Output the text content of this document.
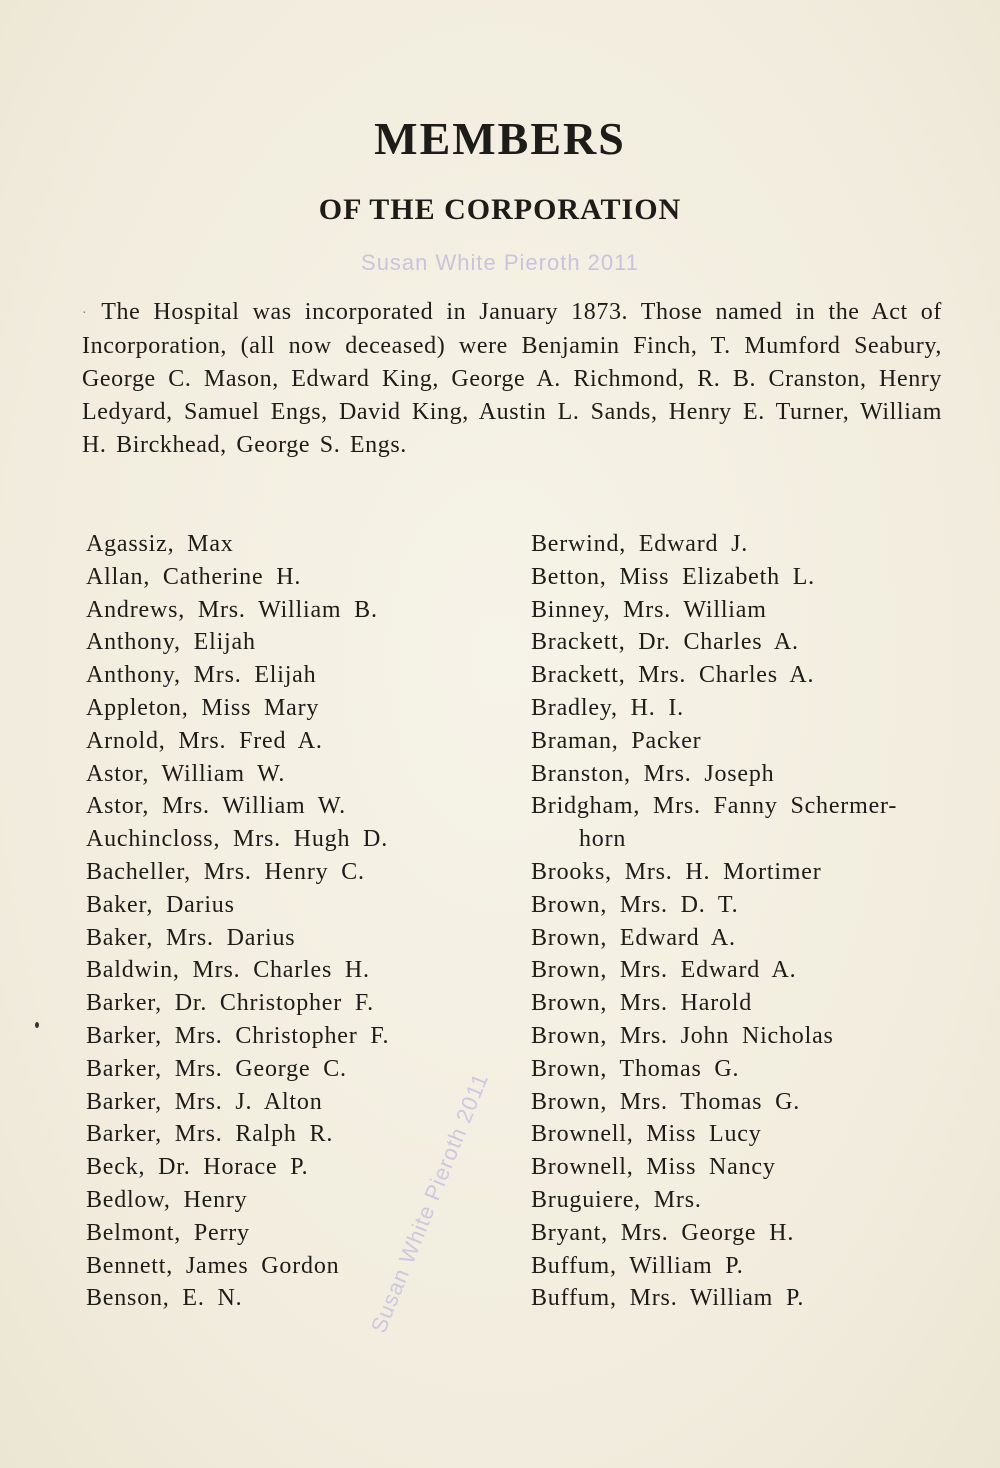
MEMBERS
OF THE CORPORATION
Susan White Pieroth 2011

· The Hospital was incorporated in January 1873. Those named in the Act of Incorporation, (all now deceased) were Benjamin Finch, T. Mumford Seabury, George C. Mason, Edward King, George A. Richmond, R. B. Cranston, Henry Ledyard, Samuel Engs, David King, Austin L. Sands, Henry E. Turner, William H. Birckhead, George S. Engs.

Agassiz, Max
Allan, Catherine H.
Andrews, Mrs. William B.
Anthony, Elijah
Anthony, Mrs. Elijah
Appleton, Miss Mary
Arnold, Mrs. Fred A.
Astor, William W.
Astor, Mrs. William W.
Auchincloss, Mrs. Hugh D.
Bacheller, Mrs. Henry C.
Baker, Darius
Baker, Mrs. Darius
Baldwin, Mrs. Charles H.
Barker, Dr. Christopher F.
Barker, Mrs. Christopher F.
Barker, Mrs. George C.
Barker, Mrs. J. Alton
Barker, Mrs. Ralph R.
Beck, Dr. Horace P.
Bedlow, Henry
Belmont, Perry
Bennett, James Gordon
Benson, E. N.
Berwind, Edward J.
Betton, Miss Elizabeth L.
Binney, Mrs. William
Brackett, Dr. Charles A.
Brackett, Mrs. Charles A.
Bradley, H. I.
Braman, Packer
Branston, Mrs. Joseph
Bridgham, Mrs. Fanny Schermer-
horn
Brooks, Mrs. H. Mortimer
Brown, Mrs. D. T.
Brown, Edward A.
Brown, Mrs. Edward A.
Brown, Mrs. Harold
Brown, Mrs. John Nicholas
Brown, Thomas G.
Brown, Mrs. Thomas G.
Brownell, Miss Lucy
Brownell, Miss Nancy
Bruguiere, Mrs.
Bryant, Mrs. George H.
Buffum, William P.
Buffum, Mrs. William P.
Susan White Pieroth 2011
